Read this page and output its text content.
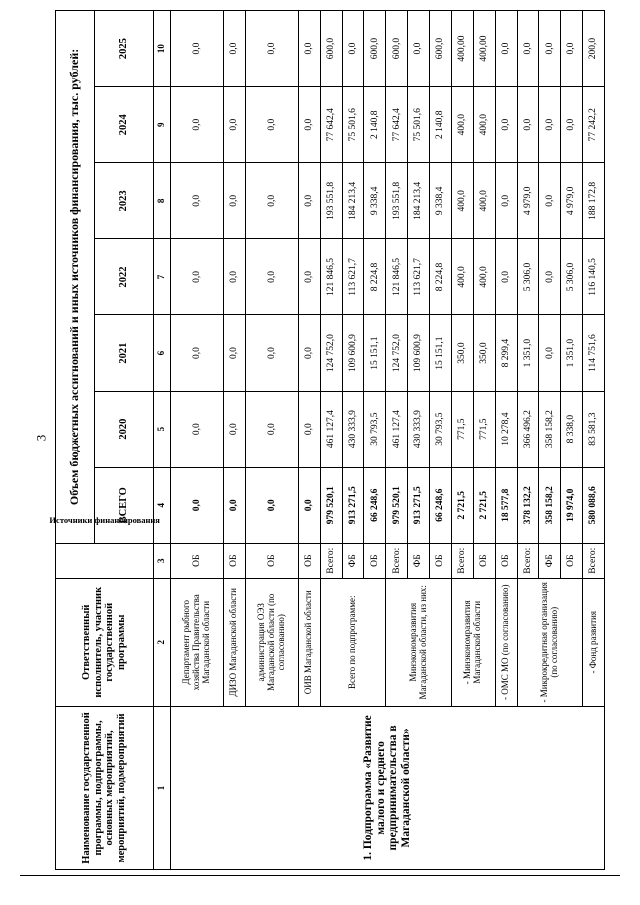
3
Наименование государственной программы, подпрограммы, основных мероприятий, мероприятий, подмероприятий	Ответственный исполнитель, участник государственной программы	Источники финансирования	Объем бюджетных ассигнований и иных источников финансирования, тыс. рублей:						
			ВСЕГО	2020	2021	2022	2023	2024	2025
1	2	3	4	5	6	7	8	9	10
1. Подпрограмма «Развитие малого и среднего предпринимательства в Магаданской области»	Департамент рыбного хозяйства Правительства Магаданской области	ОБ	0,0	0,0	0,0	0,0	0,0	0,0	0,0
	ДИЗО Магаданской области	ОБ	0,0	0,0	0,0	0,0	0,0	0,0	0,0
	администрация ОЭЗ Магаданской области (по согласованию)	ОБ	0,0	0,0	0,0	0,0	0,0	0,0	0,0
	ОИВ Магаданской области	ОБ	0,0	0,0	0,0	0,0	0,0	0,0	0,0
	Всего по подпрограмме:	Всего:	979 520,1	461 127,4	124 752,0	121 846,5	193 551,8	77 642,4	600,0
		ФБ	913 271,5	430 333,9	109 600,9	113 621,7	184 213,4	75 501,6	0,0
		ОБ	66 248,6	30 793,5	15 151,1	8 224,8	9 338,4	2 140,8	600,0
	Минэкономразвития Магаданской области, из них:	Всего:	979 520,1	461 127,4	124 752,0	121 846,5	193 551,8	77 642,4	600,0
		ФБ	913 271,5	430 333,9	109 600,9	113 621,7	184 213,4	75 501,6	0,0
		ОБ	66 248,6	30 793,5	15 151,1	8 224,8	9 338,4	2 140,8	600,0
	- Минэкономразвития Магаданской области	Всего:	2 721,5	771,5	350,0	400,0	400,0	400,0	400,00
		ОБ	2 721,5	771,5	350,0	400,0	400,0	400,0	400,00
	- ОМС МО (по согласованию)	ОБ	18 577,8	10 278,4	8 299,4	0,0	0,0	0,0	0,0
	- Микрокредитная организация (по согласованию)	Всего:	378 132,2	366 496,2	1 351,0	5 306,0	4 979,0	0,0	0,0
		ФБ	358 158,2	358 158,2	0,0	0,0	0,0	0,0	0,0
		ОБ	19 974,0	8 338,0	1 351,0	5 306,0	4 979,0	0,0	0,0
	- Фонд развития	Всего:	580 088,6	83 581,3	114 751,6	116 140,5	188 172,8	77 242,2	200,0
